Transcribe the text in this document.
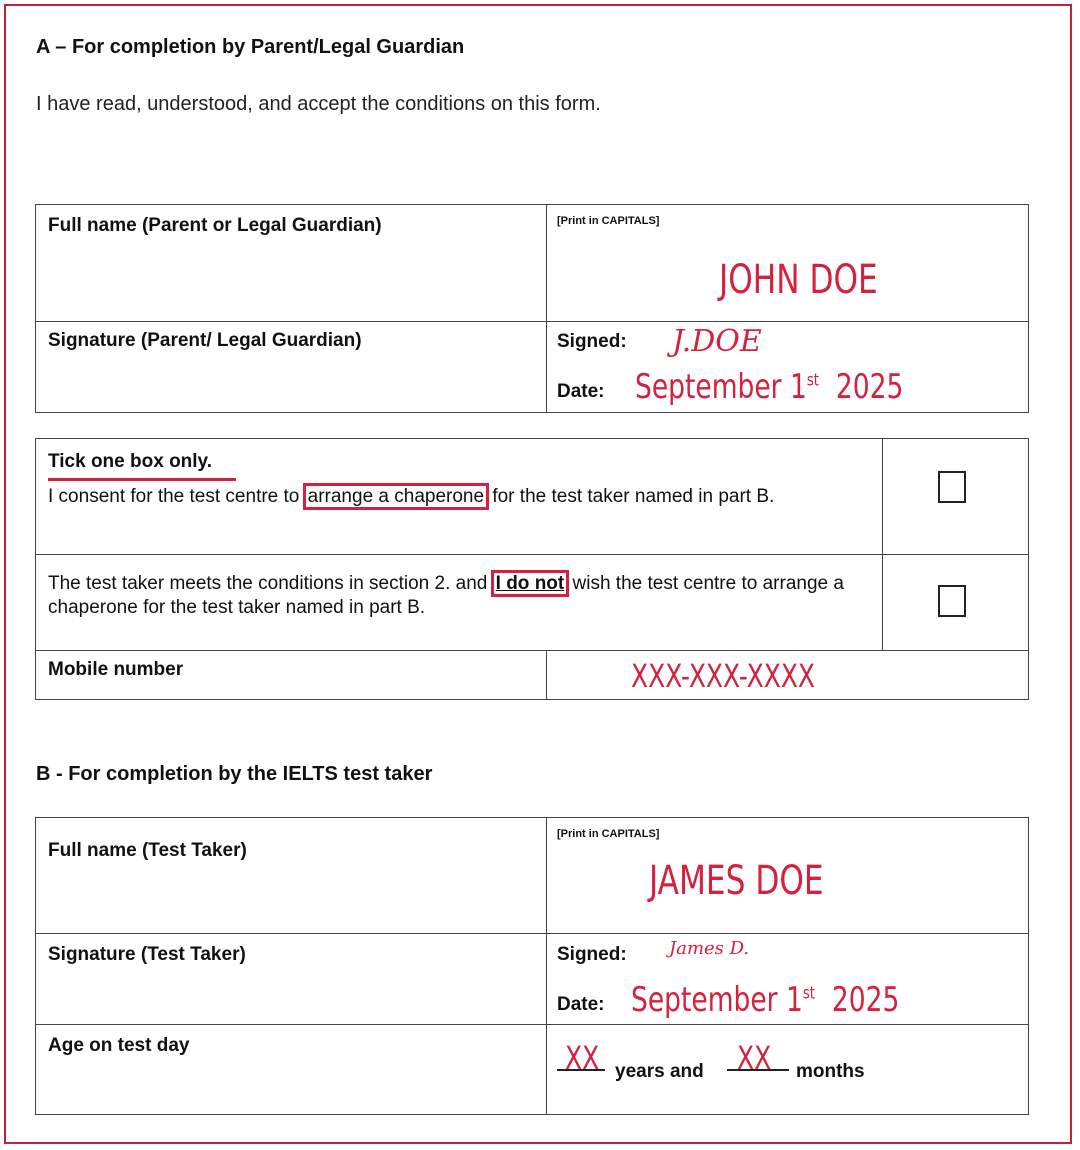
A – For completion by Parent/Legal Guardian
I have read, understood, and accept the conditions on this form.
Full name (Parent or Legal Guardian)	[Print in CAPITALS]
JOHN DOE

Signature (Parent/ Legal Guardian)	Signed: J.DOE
Date: September 1st 2025
Tick one box only.
I consent for the test centre to arrange a chaperone for the test taker named in part B.		

The test taker meets the conditions in section 2. and I do not wish the test centre to arrange a chaperone for the test taker named in part B.		

Mobile number	XXX-XXX-XXXX	
B - For completion by the IELTS test taker
Full name (Test Taker)	[Print in CAPITALS]
JAMES DOE

Signature (Test Taker)	Signed: James D.
Date: September 1st 2025

Age on test day	XX years and XX months
